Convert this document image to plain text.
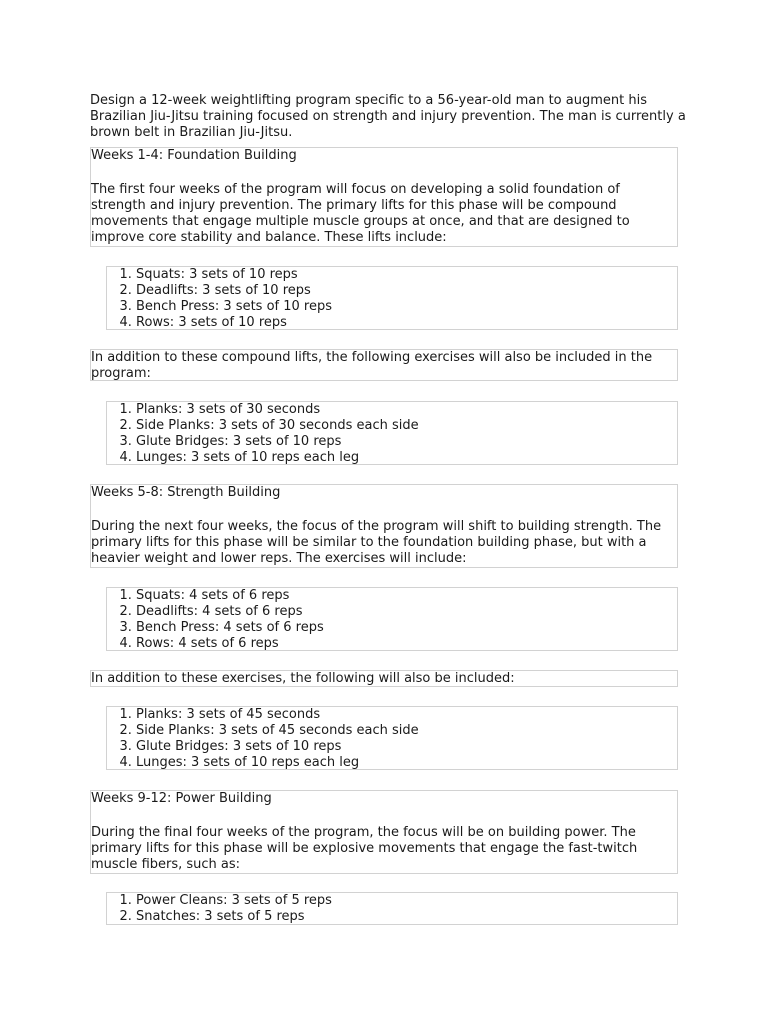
Design a 12-week weightlifting program specific to a 56-year-old man to augment his Brazilian Jiu-Jitsu training focused on strength and injury prevention. The man is currently a brown belt in Brazilian Jiu-Jitsu.

Weeks 1-4: Foundation Building

The first four weeks of the program will focus on developing a solid foundation of strength and injury prevention. The primary lifts for this phase will be compound movements that engage multiple muscle groups at once, and that are designed to improve core stability and balance. These lifts include:

1. Squats: 3 sets of 10 reps
2. Deadlifts: 3 sets of 10 reps
3. Bench Press: 3 sets of 10 reps
4. Rows: 3 sets of 10 reps

In addition to these compound lifts, the following exercises will also be included in the program:

1. Planks: 3 sets of 30 seconds
2. Side Planks: 3 sets of 30 seconds each side
3. Glute Bridges: 3 sets of 10 reps
4. Lunges: 3 sets of 10 reps each leg

Weeks 5-8: Strength Building

During the next four weeks, the focus of the program will shift to building strength. The primary lifts for this phase will be similar to the foundation building phase, but with a heavier weight and lower reps. The exercises will include:

1. Squats: 4 sets of 6 reps
2. Deadlifts: 4 sets of 6 reps
3. Bench Press: 4 sets of 6 reps
4. Rows: 4 sets of 6 reps

In addition to these exercises, the following will also be included:

1. Planks: 3 sets of 45 seconds
2. Side Planks: 3 sets of 45 seconds each side
3. Glute Bridges: 3 sets of 10 reps
4. Lunges: 3 sets of 10 reps each leg

Weeks 9-12: Power Building

During the final four weeks of the program, the focus will be on building power. The primary lifts for this phase will be explosive movements that engage the fast-twitch muscle fibers, such as:

1. Power Cleans: 3 sets of 5 reps
2. Snatches: 3 sets of 5 reps
